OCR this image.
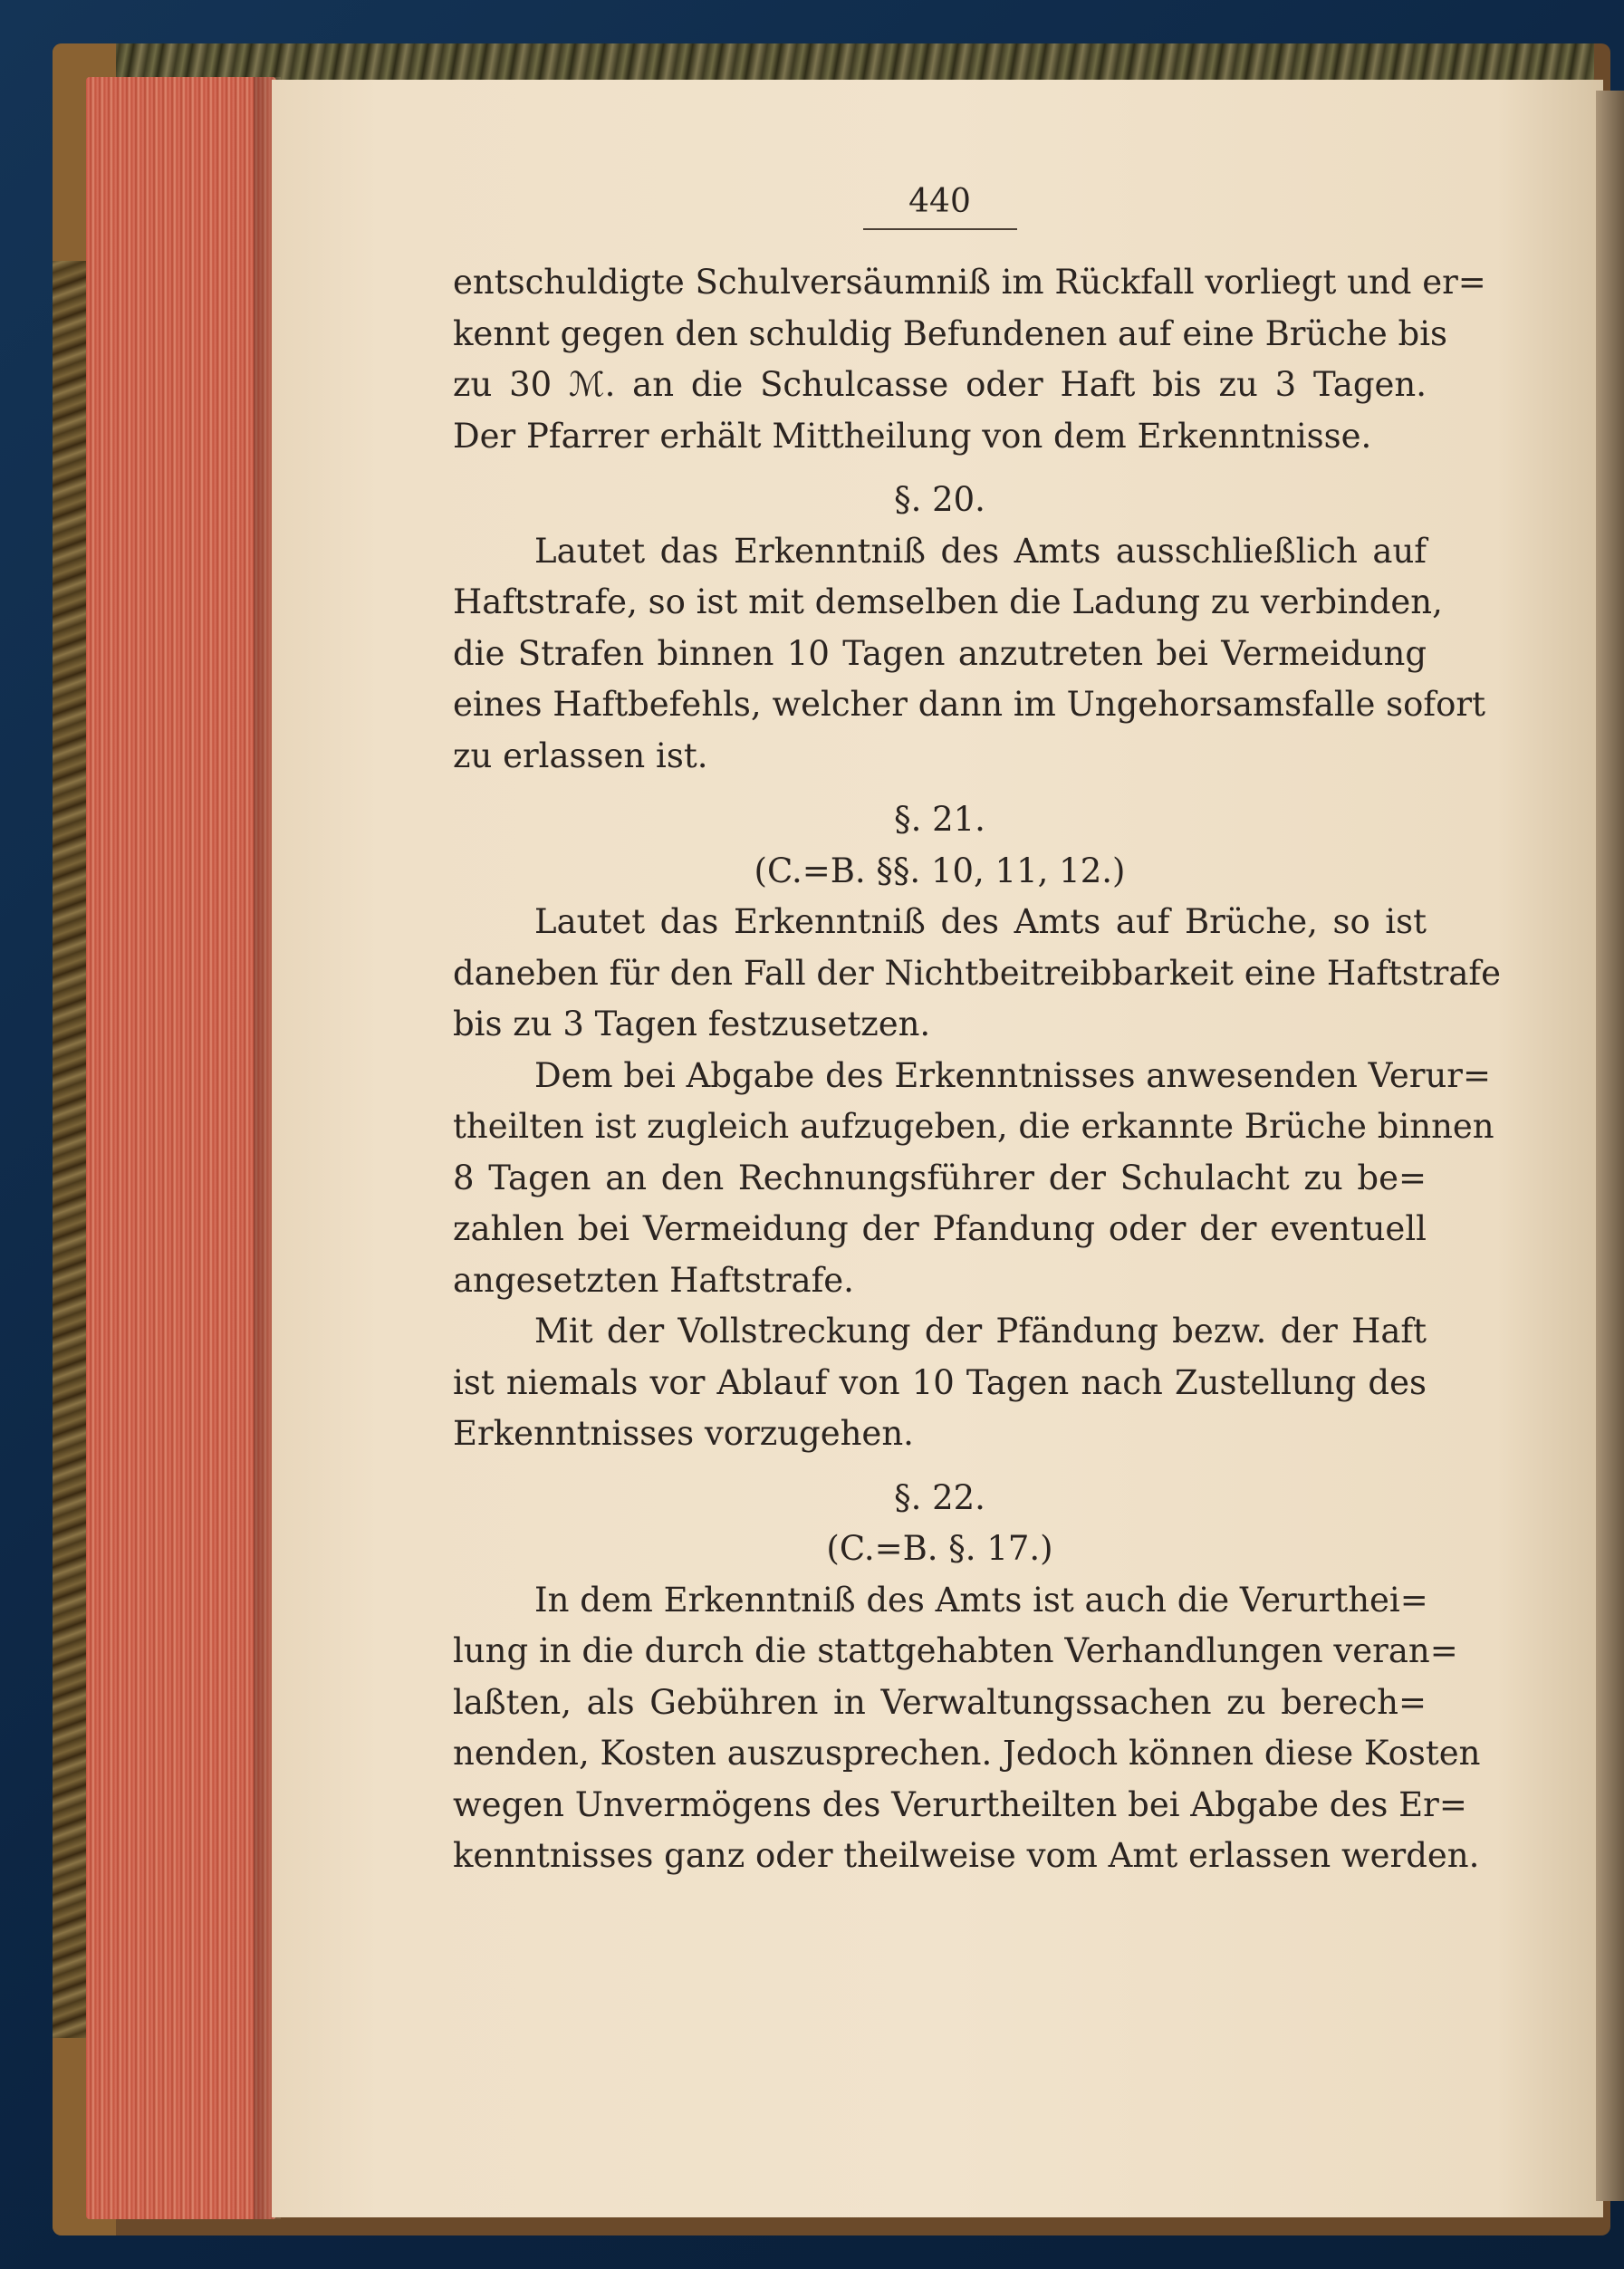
440
entschuldigte Schulversäumniß im Rückfall vorliegt und er=
kennt gegen den schuldig Befundenen auf eine Brüche bis
zu 30 ℳ. an die Schulcasse oder Haft bis zu 3 Tagen.
Der Pfarrer erhält Mittheilung von dem Erkenntnisse.
§. 20.
Lautet das Erkenntniß des Amts ausschließlich auf
Haftstrafe, so ist mit demselben die Ladung zu verbinden,
die Strafen binnen 10 Tagen anzutreten bei Vermeidung
eines Haftbefehls, welcher dann im Ungehorsamsfalle sofort
zu erlassen ist.
§. 21.
(C.=B. §§. 10, 11, 12.)
Lautet das Erkenntniß des Amts auf Brüche, so ist
daneben für den Fall der Nichtbeitreibbarkeit eine Haftstrafe
bis zu 3 Tagen festzusetzen.
Dem bei Abgabe des Erkenntnisses anwesenden Verur=
theilten ist zugleich aufzugeben, die erkannte Brüche binnen
8 Tagen an den Rechnungsführer der Schulacht zu be=
zahlen bei Vermeidung der Pfandung oder der eventuell
angesetzten Haftstrafe.
Mit der Vollstreckung der Pfändung bezw. der Haft
ist niemals vor Ablauf von 10 Tagen nach Zustellung des
Erkenntnisses vorzugehen.
§. 22.
(C.=B. §. 17.)
In dem Erkenntniß des Amts ist auch die Verurthei=
lung in die durch die stattgehabten Verhandlungen veran=
laßten, als Gebühren in Verwaltungssachen zu berech=
nenden, Kosten auszusprechen. Jedoch können diese Kosten
wegen Unvermögens des Verurtheilten bei Abgabe des Er=
kenntnisses ganz oder theilweise vom Amt erlassen werden.
